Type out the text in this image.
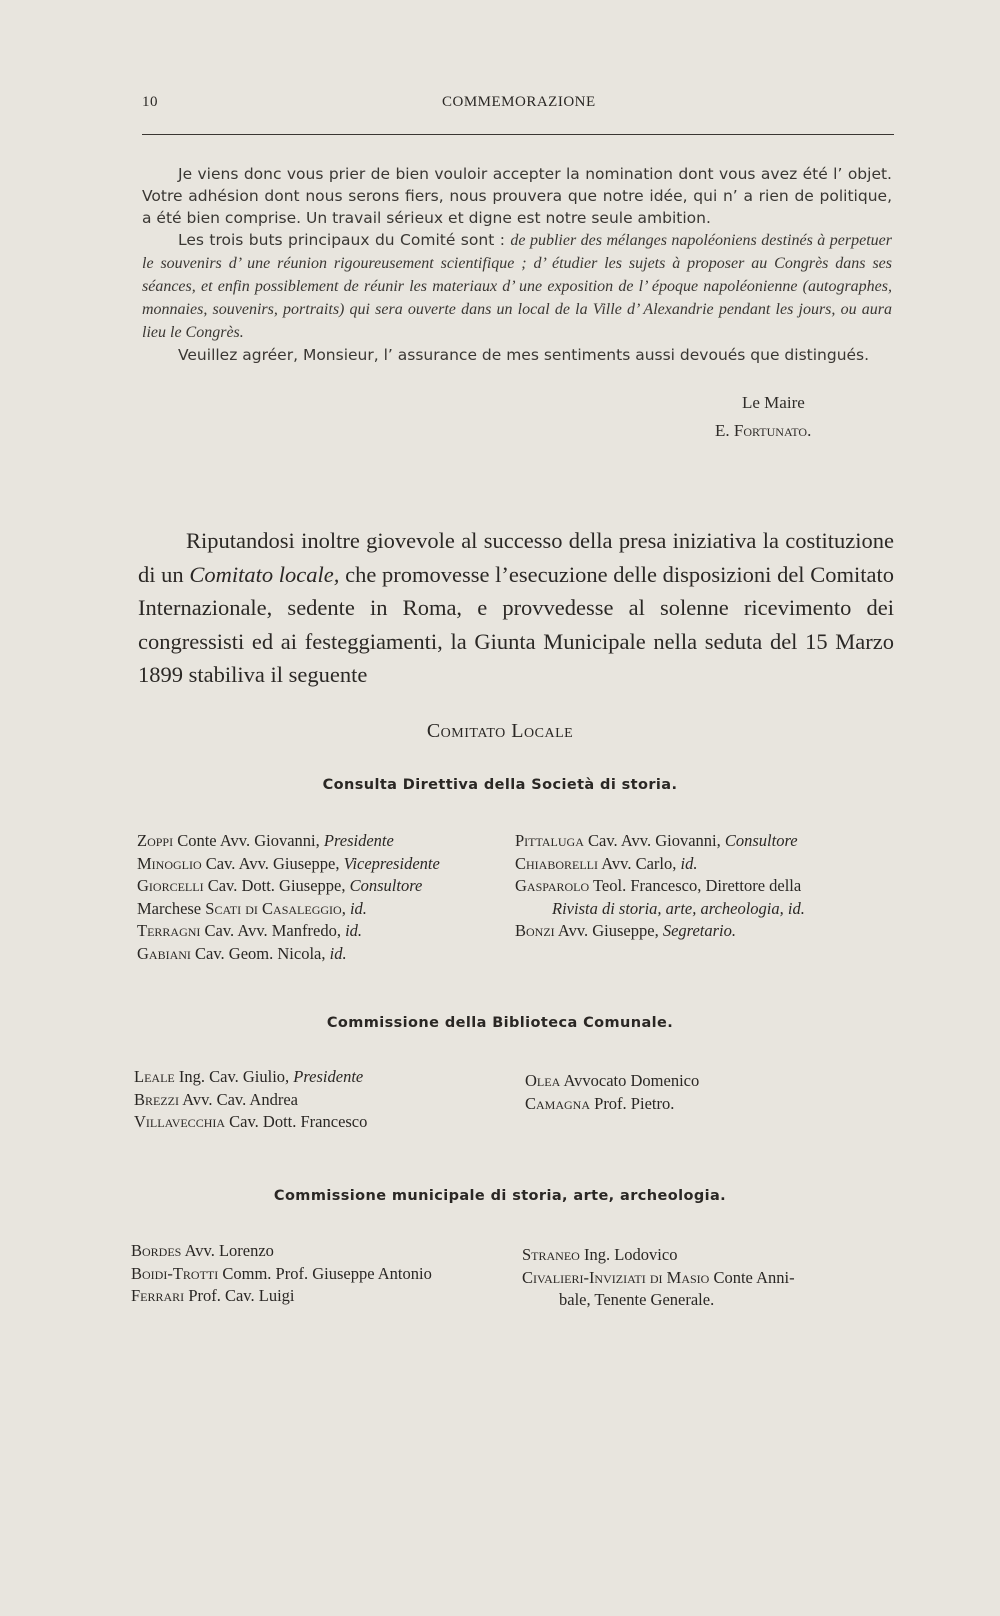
10	COMMEMORAZIONE

Je viens donc vous prier de bien vouloir accepter la nomination dont vous avez été l’ objet. Votre adhésion dont nous serons fiers, nous prouvera que notre idée, qui n’ a rien de politique, a été bien comprise. Un travail sérieux et digne est notre seule ambition.

Les trois buts principaux du Comité sont : de publier des mélanges napoléoniens destinés à perpetuer le souvenirs d’ une réunion rigoureusement scientifique ; d’ étudier les sujets à proposer au Congrès dans ses séances, et enfin possiblement de réunir les materiaux d’ une exposition de l’ époque napoléonienne (autographes, monnaies, souvenirs, portraits) qui sera ouverte dans un local de la Ville d’ Alexandrie pendant les jours, ou aura lieu le Congrès.

Veuillez agréer, Monsieur, l’ assurance de mes sentiments aussi devoués que distingués.

Le Maire
E. Fortunato.

Riputandosi inoltre giovevole al successo della presa iniziativa la costituzione di un Comitato locale, che promovesse l’esecuzione delle disposizioni del Comitato Internazionale, sedente in Roma, e provvedesse al solenne ricevimento dei congressisti ed ai festeggiamenti, la Giunta Municipale nella seduta del 15 Marzo 1899 stabiliva il seguente

Comitato Locale
Consulta Direttiva della Società di storia.
Zoppi Conte Avv. Giovanni, Presidente
Minoglio Cav. Avv. Giuseppe, Vicepresidente
Giorcelli Cav. Dott. Giuseppe, Consultore
Marchese Scati di Casaleggio, id.
Terragni Cav. Avv. Manfredo, id.
Gabiani Cav. Geom. Nicola, id.
Pittaluga Cav. Avv. Giovanni, Consultore
Chiaborelli Avv. Carlo, id.
Gasparolo Teol. Francesco, Direttore della
Rivista di storia, arte, archeologia, id.
Bonzi Avv. Giuseppe, Segretario.
Commissione della Biblioteca Comunale.
Leale Ing. Cav. Giulio, Presidente
Brezzi Avv. Cav. Andrea
Villavecchia Cav. Dott. Francesco
Olea Avvocato Domenico
Camagna Prof. Pietro.
Commissione municipale di storia, arte, archeologia.
Bordes Avv. Lorenzo
Boidi-Trotti Comm. Prof. Giuseppe Antonio
Ferrari Prof. Cav. Luigi
Straneo Ing. Lodovico
Civalieri-Inviziati di Masio Conte Anni-
bale, Tenente Generale.
